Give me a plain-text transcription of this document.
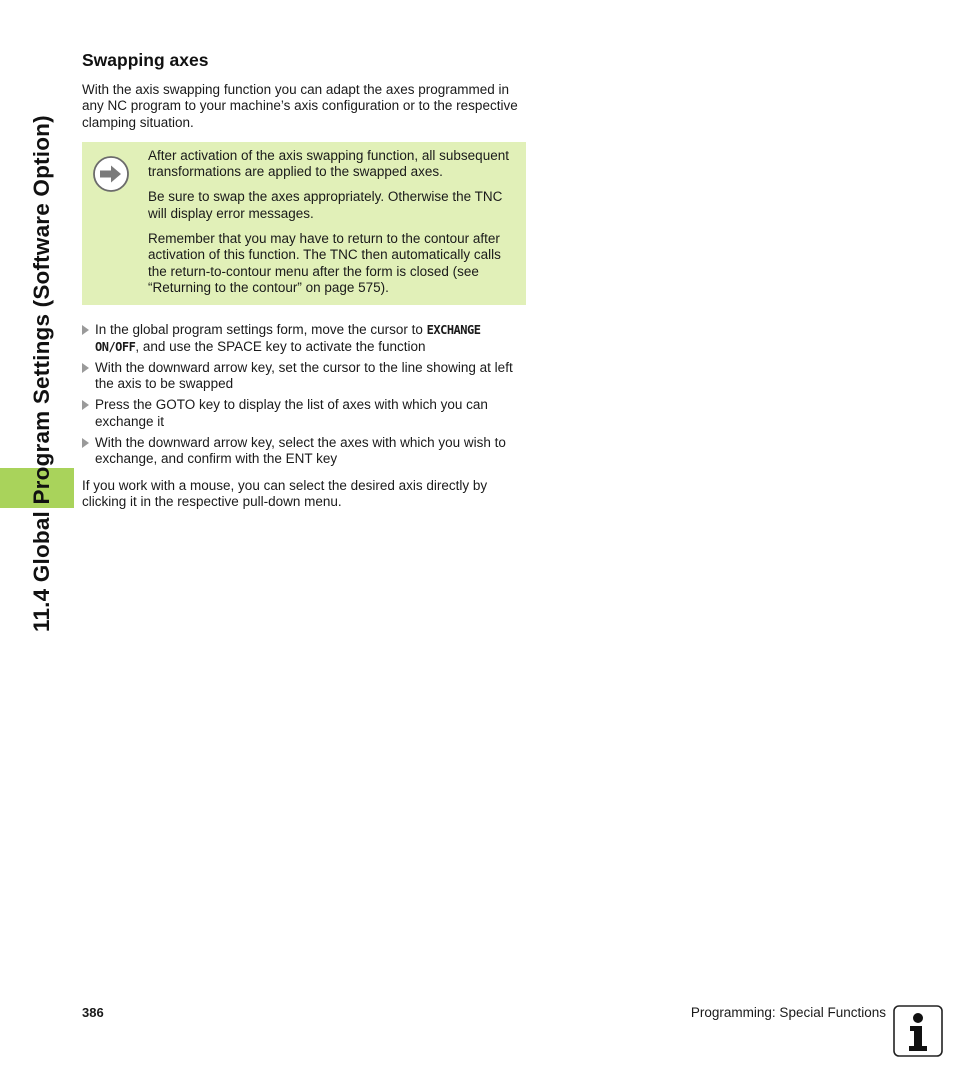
11.4 Global Program Settings (Software Option)
Swapping axes

With the axis swapping function you can adapt the axes programmed in any NC program to your machine’s axis configuration or to the respective clamping situation.

After activation of the axis swapping function, all subsequent transformations are applied to the swapped axes.

Be sure to swap the axes appropriately. Otherwise the TNC will display error messages.

Remember that you may have to return to the contour after activation of this function. The TNC then automatically calls the return-to-contour menu after the form is closed (see “Returning to the contour” on page 575).

In the global program settings form, move the cursor to EXCHANGE ON/OFF, and use the SPACE key to activate the function
With the downward arrow key, set the cursor to the line showing at left the axis to be swapped
Press the GOTO key to display the list of axes with which you can exchange it
With the downward arrow key, select the axes with which you wish to exchange, and confirm with the ENT key

If you work with a mouse, you can select the desired axis directly by clicking it in the respective pull-down menu.

386	Programming: Special Functions
